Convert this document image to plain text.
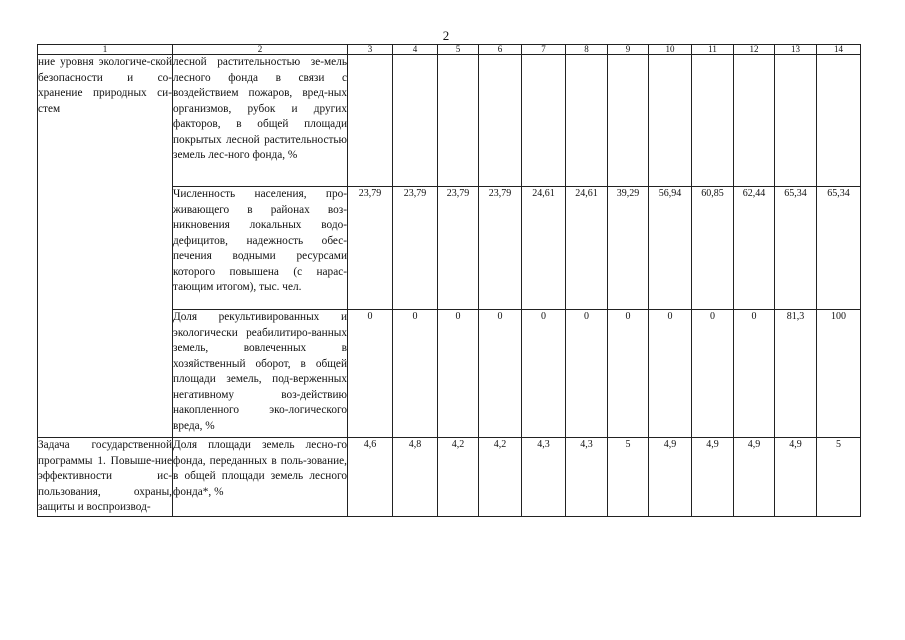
2
1	2	3	4	5	6	7	8	9	10	11	12	13	14
ние уровня экологиче-ской безопасности и со-хранение природных си-стем	лесной растительностью зе-мель лесного фонда в связи с воздействием пожаров, вред-ных организмов, рубок и других факторов, в общей площади покрытых лесной растительностью земель лес-ного фонда, %												
	Численность населения, про-живающего в районах воз-никновения локальных водо-дефицитов, надежность обес-печения водными ресурсами которого повышена (с нарас-тающим итогом), тыс. чел.	23,79	23,79	23,79	23,79	24,61	24,61	39,29	56,94	60,85	62,44	65,34	65,34
	Доля рекультивированных и экологически реабилитиро-ванных земель, вовлеченных в хозяйственный оборот, в общей площади земель, под-верженных негативному воз-действию накопленного эко-логического вреда, %	0	0	0	0	0	0	0	0	0	0	81,3	100
Задача государственной программы 1. Повыше-ние эффективности ис-пользования, охраны, защиты и воспроизвод-	Доля площади земель лесно-го фонда, переданных в поль-зование, в общей площади земель лесного фонда*, %	4,6	4,8	4,2	4,2	4,3	4,3	5	4,9	4,9	4,9	4,9	5
